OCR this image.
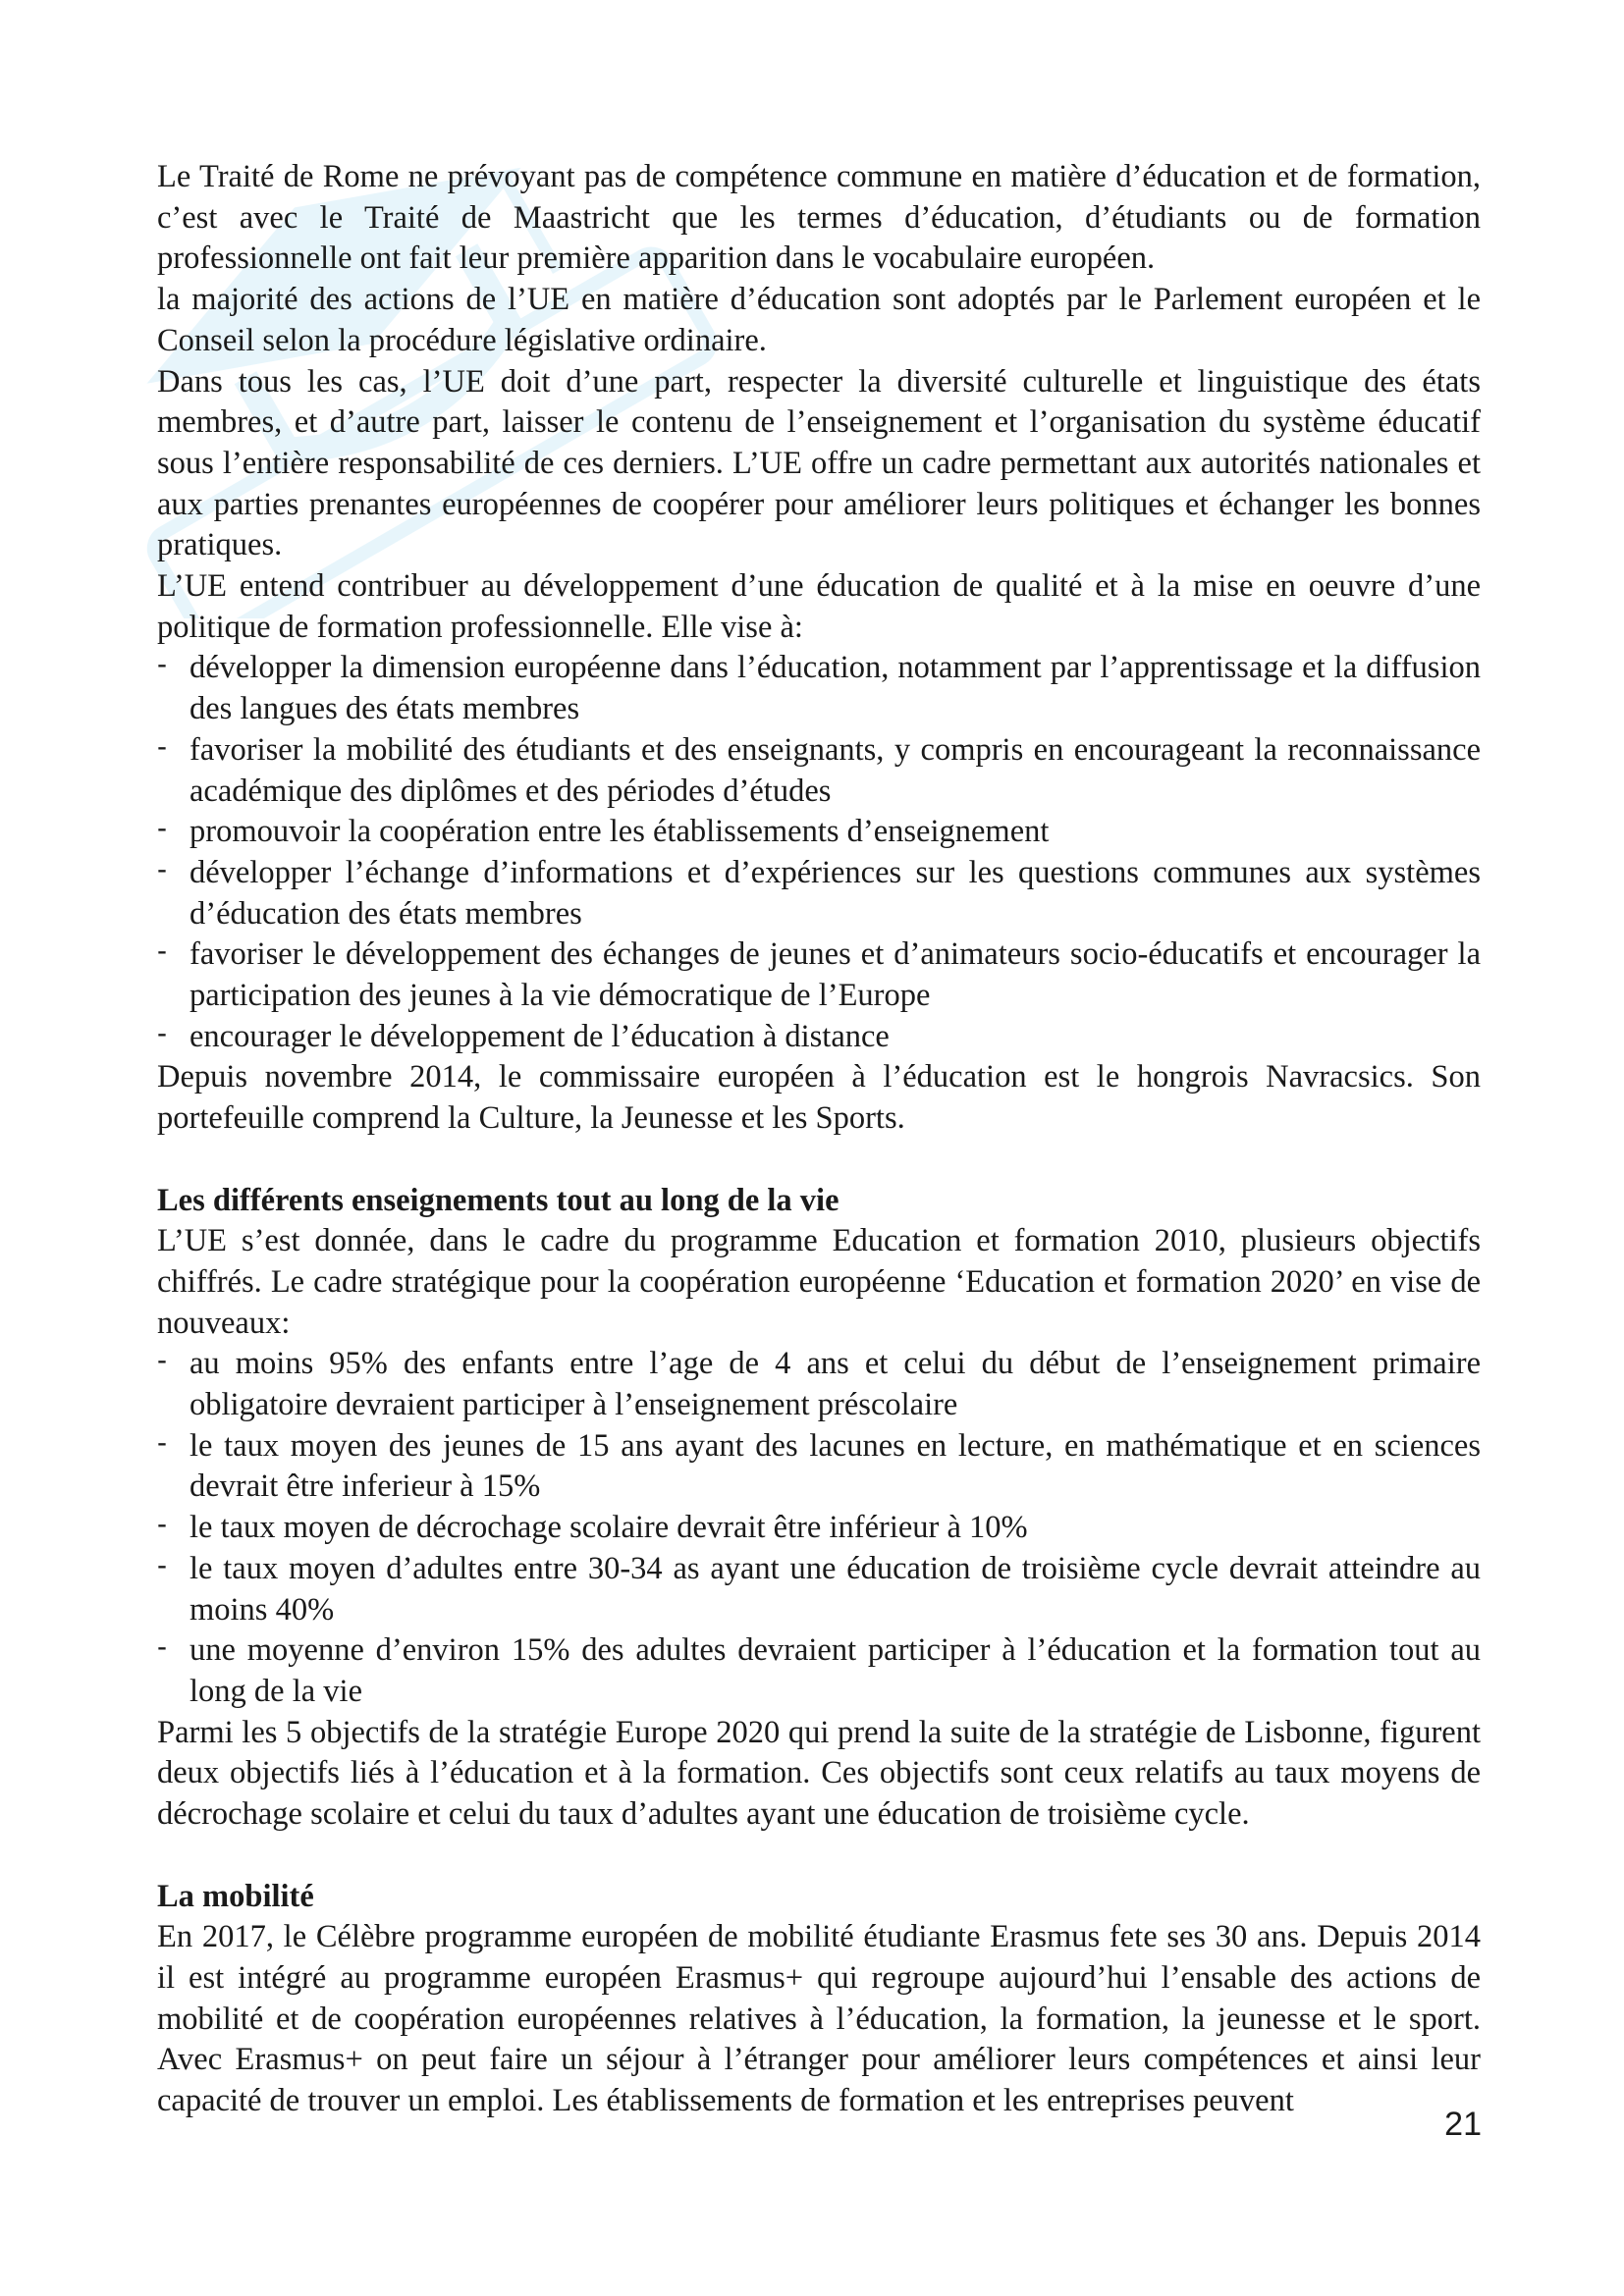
Le Traité de Rome ne prévoyant pas de compétence commune en matière d’éducation et de formation, c’est avec le Traité de Maastricht que les termes d’éducation, d’étudiants ou de formation professionnelle ont fait leur première apparition dans le vocabulaire européen.

la majorité des actions de l’UE en matière d’éducation sont adoptés par le Parlement européen et le Conseil selon la procédure législative ordinaire.

Dans tous les cas, l’UE doit d’une part, respecter la diversité culturelle et linguistique des états membres, et d’autre part, laisser le contenu de l’enseignement et l’organisation du système éducatif sous l’entière responsabilité de ces derniers. L’UE offre un cadre permettant aux autorités nationales et aux parties prenantes européennes de coopérer pour améliorer leurs politiques et échanger les bonnes pratiques.

L’UE entend contribuer au développement d’une éducation de qualité et à la mise en oeuvre d’une politique de formation professionnelle. Elle vise à:

- développer la dimension européenne dans l’éducation, notamment par l’apprentissage et la diffusion des langues des états membres
- favoriser la mobilité des étudiants et des enseignants, y compris en encourageant la reconnaissance académique des diplômes et des périodes d’études
- promouvoir la coopération entre les établissements d’enseignement
- développer l’échange d’informations et d’expériences sur les questions communes aux systèmes d’éducation des états membres
- favoriser le développement des échanges de jeunes et d’animateurs socio-éducatifs et encourager la participation des jeunes à la vie démocratique de l’Europe
- encourager le développement de l’éducation à distance

Depuis novembre 2014, le commissaire européen à l’éducation est le hongrois Navracsics. Son portefeuille comprend la Culture, la Jeunesse et les Sports.

Les différents enseignements tout au long de la vie

L’UE s’est donnée, dans le cadre du programme Education et formation 2010, plusieurs objectifs chiffrés. Le cadre stratégique pour la coopération européenne ‘Education et formation 2020’ en vise de nouveaux:

- au moins 95% des enfants entre l’age de 4 ans et celui du début de l’enseignement primaire obligatoire devraient participer à l’enseignement préscolaire
- le taux moyen des jeunes de 15 ans ayant des lacunes en lecture, en mathématique et en sciences devrait être inferieur à 15%
- le taux moyen de décrochage scolaire devrait être inférieur à 10%
- le taux moyen d’adultes entre 30-34 as ayant une éducation de troisième cycle devrait atteindre au moins 40%
- une moyenne d’environ 15% des adultes devraient participer à l’éducation et la formation tout au long de la vie

Parmi les 5 objectifs de la stratégie Europe 2020 qui prend la suite de la stratégie de Lisbonne, figurent deux objectifs liés à l’éducation et à la formation. Ces objectifs sont ceux relatifs au taux moyens de décrochage scolaire et celui du taux d’adultes ayant une éducation de troisième cycle.

La mobilité

En 2017, le Célèbre programme européen de mobilité étudiante Erasmus fete ses 30 ans. Depuis 2014 il est intégré au programme européen Erasmus+ qui regroupe aujourd’hui l’ensable des actions de mobilité et de coopération européennes relatives à l’éducation, la formation, la jeunesse et le sport. Avec Erasmus+ on peut faire un séjour à l’étranger pour améliorer leurs compétences et ainsi leur capacité de trouver un emploi. Les établissements de formation et les entreprises peuvent

21
